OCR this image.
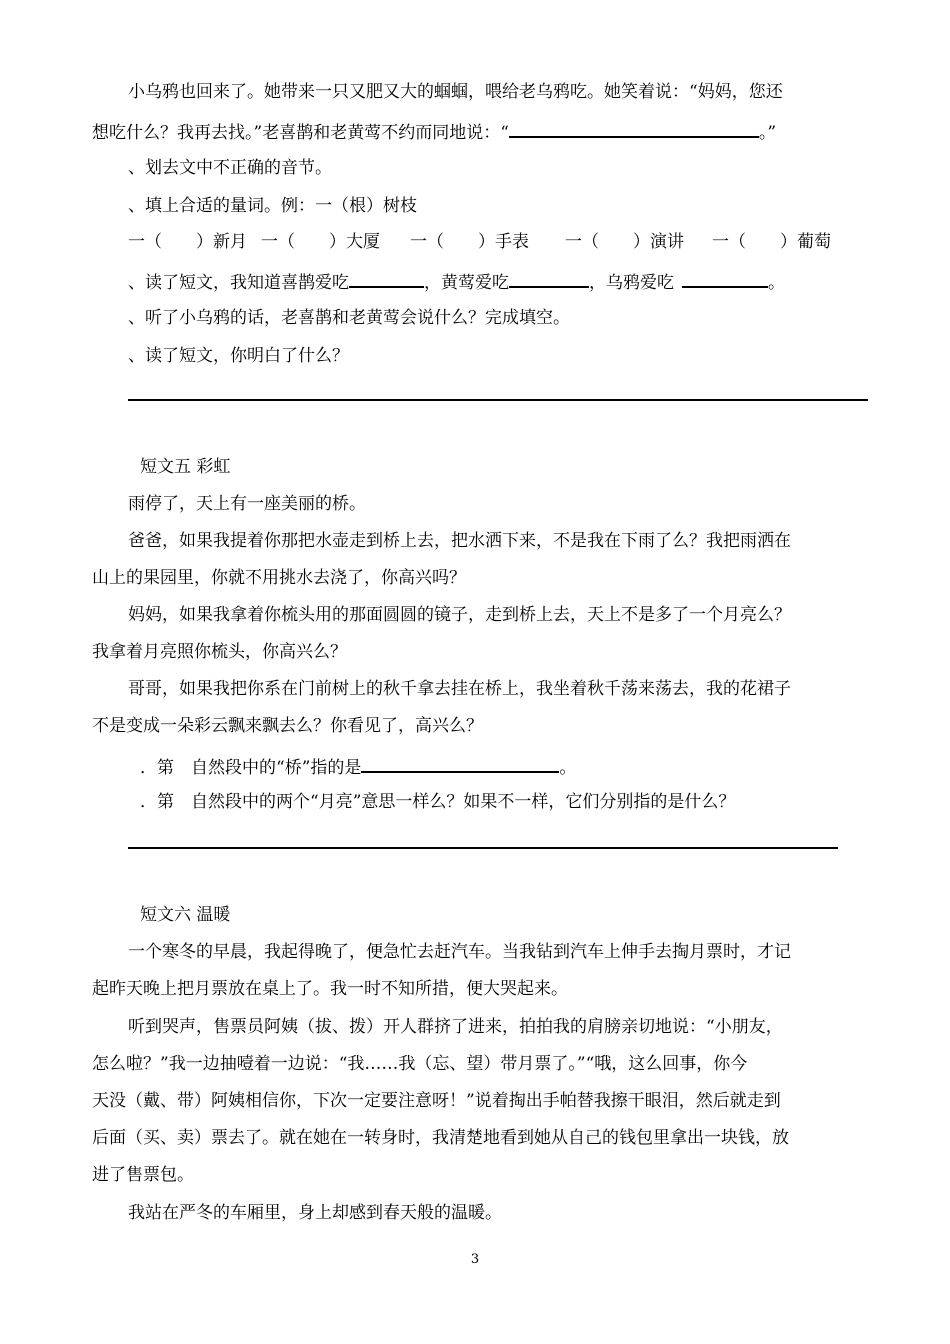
小乌鸦也回来了。她带来一只又肥又大的蝈蝈，喂给老乌鸦吃。她笑着说：“妈妈，您还
想吃什么？我再去找。”老喜鹊和老黄莺不约而同地说：“	。”
、划去文中不正确的音节。
、填上合适的量词。例：一（根）树枝
一（　　）新月 一（　　）大厦 一（　　）手表 一（　　）演讲 一（　　）葡萄
、读了短文，我知道喜鹊爱吃	，黄莺爱吃	，乌鸦爱吃	。
、听了小乌鸦的话，老喜鹊和老黄莺会说什么？完成填空。
、读了短文，你明白了什么？
短文五 彩虹
雨停了，天上有一座美丽的桥。
爸爸，如果我提着你那把水壶走到桥上去，把水洒下来，不是我在下雨了么？我把雨洒在
山上的果园里，你就不用挑水去浇了，你高兴吗？
妈妈，如果我拿着你梳头用的那面圆圆的镜子，走到桥上去，天上不是多了一个月亮么？
我拿着月亮照你梳头，你高兴么？
哥哥，如果我把你系在门前树上的秋千拿去挂在桥上，我坐着秋千荡来荡去，我的花裙子
不是变成一朵彩云飘来飘去么？你看见了，高兴么？
．第　自然段中的“桥”指的是	。
．第　自然段中的两个“月亮”意思一样么？如果不一样，它们分别指的是什么？
短文六 温暖
一个寒冬的早晨，我起得晚了，便急忙去赶汽车。当我钻到汽车上伸手去掏月票时，才记
起昨天晚上把月票放在桌上了。我一时不知所措，便大哭起来。
听到哭声，售票员阿姨（拔、拨）开人群挤了进来，拍拍我的肩膀亲切地说：“小朋友，
怎么啦？”我一边抽噎着一边说：“我……我（忘、望）带月票了。”“哦，这么回事，你今
天没（戴、带）阿姨相信你，下次一定要注意呀！”说着掏出手帕替我擦干眼泪，然后就走到
后面（买、卖）票去了。就在她在一转身时，我清楚地看到她从自己的钱包里拿出一块钱，放
进了售票包。
我站在严冬的车厢里，身上却感到春天般的温暖。
3
